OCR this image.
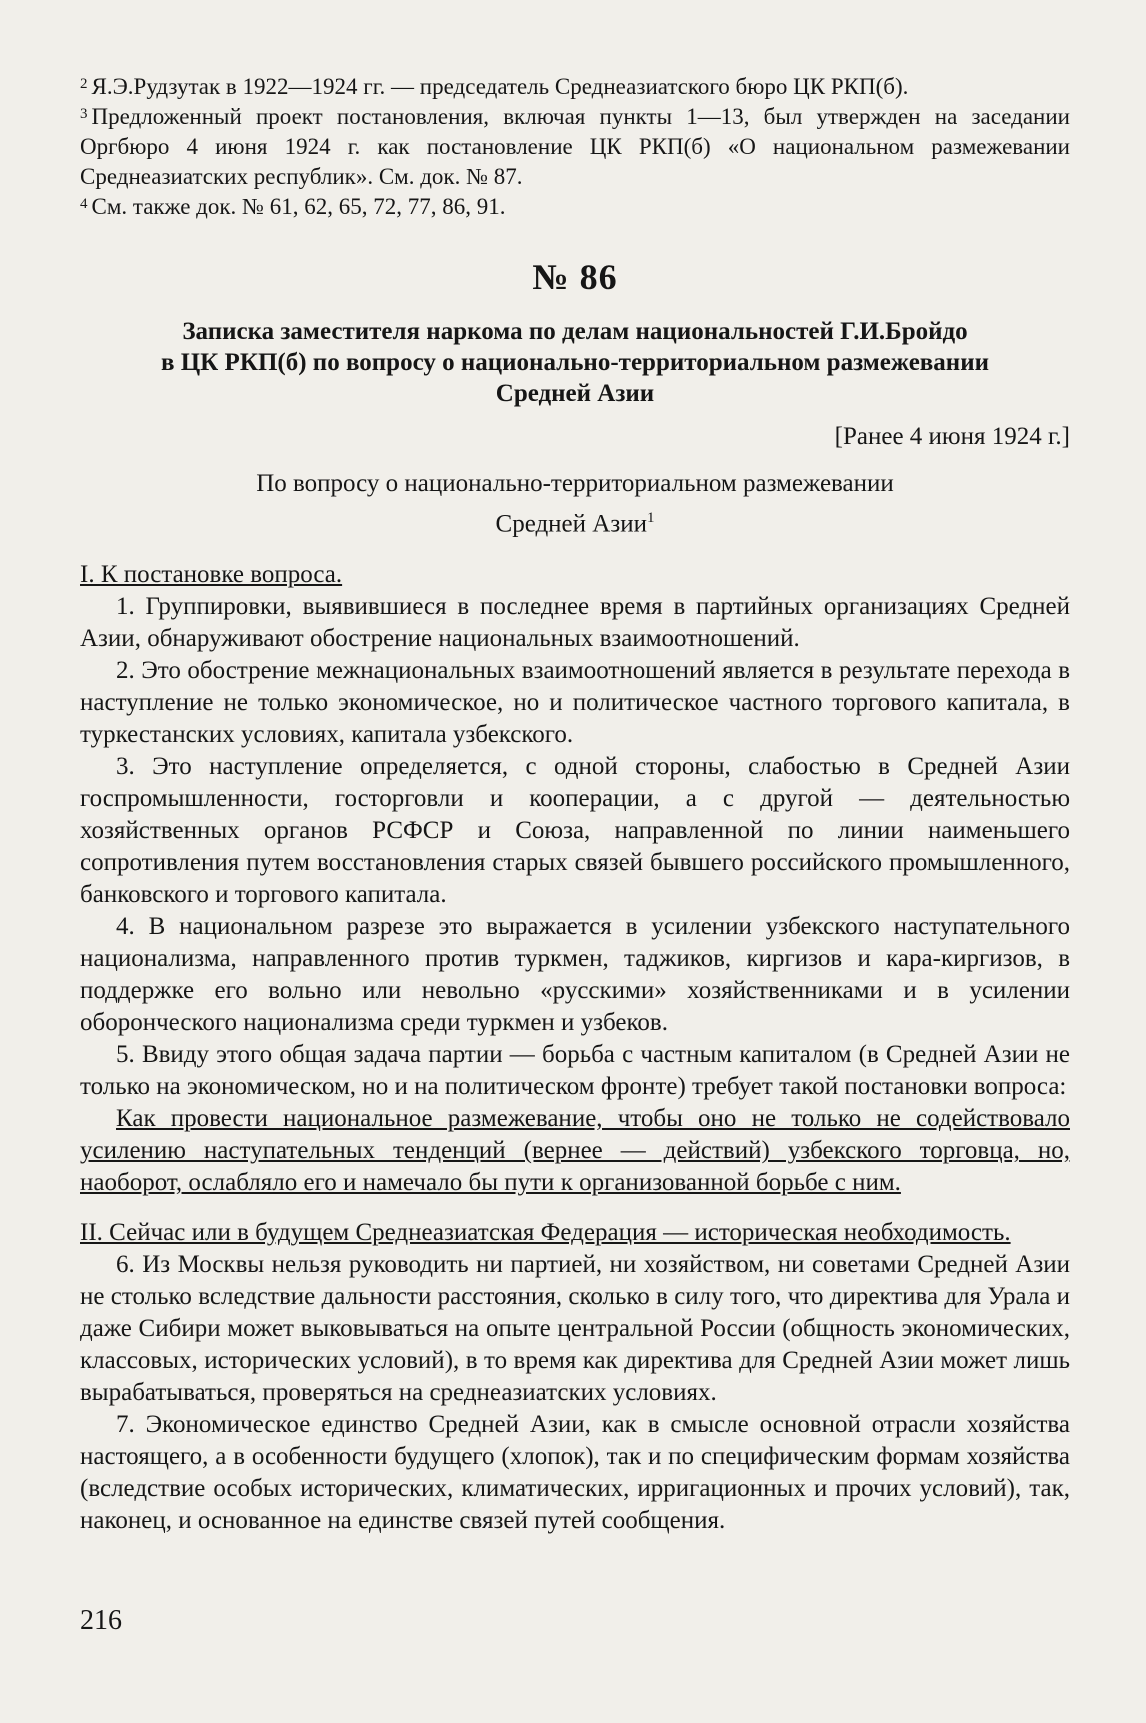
$^2$ Я.Э.Рудзутак в 1922—1924 гг. — председатель Среднеазиатского бюро ЦК РКП(б).

$^3$ Предложенный проект постановления, включая пункты 1—13, был утвержден на заседании Оргбюро 4 июня 1924 г. как постановление ЦК РКП(б) «О национальном размежевании Среднеазиатских республик». См. док. № 87.

$^4$ См. также док. № 61, 62, 65, 72, 77, 86, 91.

№ 86

Записка заместителя наркома по делам национальностей Г.И.Бройдо

в ЦК РКП(б) по вопросу о национально-территориальном размежевании

Средней Азии

[Ранее 4 июня 1924 г.]

По вопросу о национально-территориальном размежевании

Средней Азии$^1$

I. К постановке вопроса.

1. Группировки, выявившиеся в последнее время в партийных организациях Средней Азии, обнаруживают обострение национальных взаимоотношений.

2. Это обострение межнациональных взаимоотношений является в результате перехода в наступление не только экономическое, но и политическое частного торгового капитала, в туркестанских условиях, капитала узбекского.

3. Это наступление определяется, с одной стороны, слабостью в Средней Азии госпромышленности, госторговли и кооперации, а с другой — деятельностью хозяйственных органов РСФСР и Союза, направленной по линии наименьшего сопротивления путем восстановления старых связей бывшего российского промышленного, банковского и торгового капитала.

4. В национальном разрезе это выражается в усилении узбекского наступательного национализма, направленного против туркмен, таджиков, киргизов и кара-киргизов, в поддержке его вольно или невольно «русскими» хозяйственниками и в усилении оборонческого национализма среди туркмен и узбеков.

5. Ввиду этого общая задача партии — борьба с частным капиталом (в Средней Азии не только на экономическом, но и на политическом фронте) требует такой постановки вопроса:

Как провести национальное размежевание, чтобы оно не только не содействовало усилению наступательных тенденций (вернее — действий) узбекского торговца, но, наоборот, ослабляло его и намечало бы пути к организованной борьбе с ним.

II. Сейчас или в будущем Среднеазиатская Федерация — историческая необходимость.

6. Из Москвы нельзя руководить ни партией, ни хозяйством, ни советами Средней Азии не столько вследствие дальности расстояния, сколько в силу того, что директива для Урала и даже Сибири может выковываться на опыте центральной России (общность экономических, классовых, исторических условий), в то время как директива для Средней Азии может лишь вырабатываться, проверяться на среднеазиатских условиях.

7. Экономическое единство Средней Азии, как в смысле основной отрасли хозяйства настоящего, а в особенности будущего (хлопок), так и по специфическим формам хозяйства (вследствие особых исторических, климатических, ирригационных и прочих условий), так, наконец, и основанное на единстве связей путей сообщения.

216
